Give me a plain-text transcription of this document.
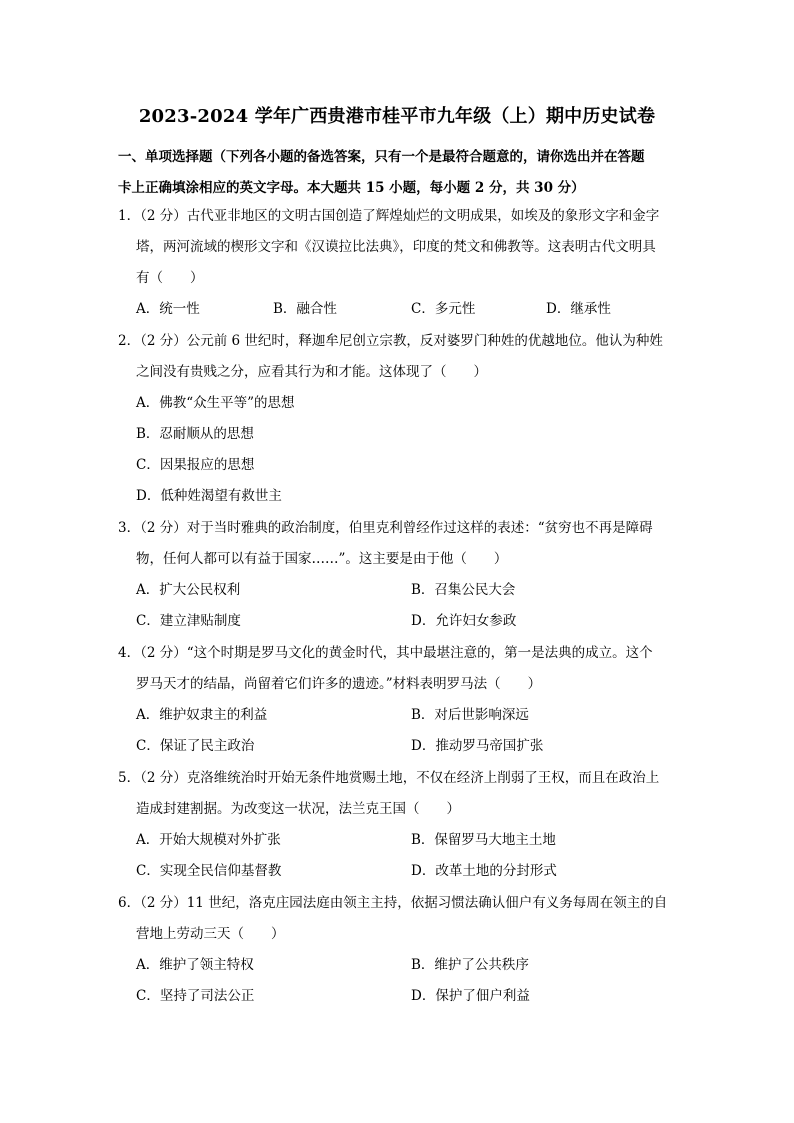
2023-2024 学年广西贵港市桂平市九年级（上）期中历史试卷
一、单项选择题（下列各小题的备选答案，只有一个是最符合题意的，请你选出并在答题
卡上正确填涂相应的英文字母。本大题共 15 小题，每小题 2 分，共 30 分）
1．（2 分）古代亚非地区的文明古国创造了辉煌灿烂的文明成果，如埃及的象形文字和金字
塔，两河流域的楔形文字和《汉谟拉比法典》，印度的梵文和佛教等。这表明古代文明具
有（　　）
A．统一性	B．融合性	C．多元性	D．继承性
2．（2 分）公元前 6 世纪时，释迦牟尼创立宗教，反对婆罗门种姓的优越地位。他认为种姓
之间没有贵贱之分，应看其行为和才能。这体现了（　　）
A．佛教“众生平等”的思想
B．忍耐顺从的思想
C．因果报应的思想
D．低种姓渴望有救世主
3．（2 分）对于当时雅典的政治制度，伯里克利曾经作过这样的表述：“贫穷也不再是障碍
物，任何人都可以有益于国家……”。这主要是由于他（　　）
A．扩大公民权利	B．召集公民大会
C．建立津贴制度	D．允许妇女参政
4．（2 分）“这个时期是罗马文化的黄金时代，其中最堪注意的，第一是法典的成立。这个
罗马天才的结晶，尚留着它们许多的遗迹。”材料表明罗马法（　　）
A．维护奴隶主的利益	B．对后世影响深远
C．保证了民主政治	D．推动罗马帝国扩张
5．（2 分）克洛维统治时开始无条件地赏赐土地，不仅在经济上削弱了王权，而且在政治上
造成封建割据。为改变这一状况，法兰克王国（　　）
A．开始大规模对外扩张	B．保留罗马大地主土地
C．实现全民信仰基督教	D．改革土地的分封形式
6．（2 分）11 世纪，洛克庄园法庭由领主主持，依据习惯法确认佃户有义务每周在领主的自
营地上劳动三天（　　）
A．维护了领主特权	B．维护了公共秩序
C．坚持了司法公正	D．保护了佃户利益
